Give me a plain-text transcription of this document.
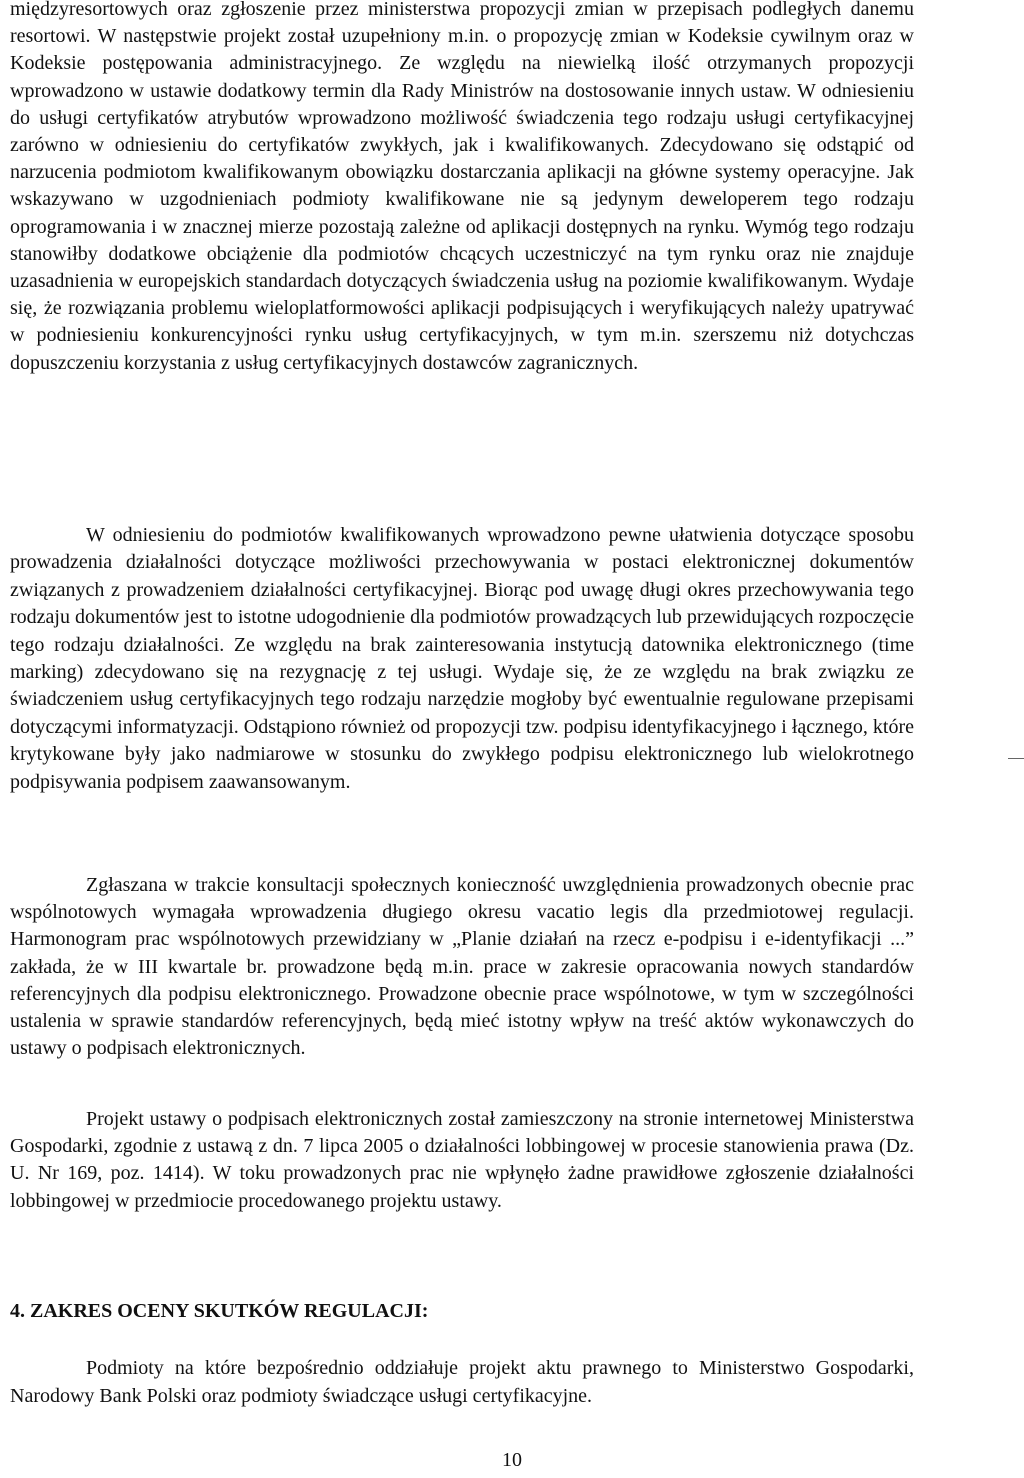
międzyresortowych oraz zgłoszenie przez ministerstwa propozycji zmian w przepisach podległych danemu resortowi. W następstwie projekt został uzupełniony m.in. o propozycję zmian w Kodeksie cywilnym oraz w Kodeksie postępowania administracyjnego. Ze względu na niewielką ilość otrzymanych propozycji wprowadzono w ustawie dodatkowy termin dla Rady Ministrów na dostosowanie innych ustaw. W odniesieniu do usługi certyfikatów atrybutów wprowadzono możliwość świadczenia tego rodzaju usługi certyfikacyjnej zarówno w odniesieniu do certyfikatów zwykłych, jak i kwalifikowanych. Zdecydowano się odstąpić od narzucenia podmiotom kwalifikowanym obowiązku dostarczania aplikacji na główne systemy operacyjne. Jak wskazywano w uzgodnieniach podmioty kwalifikowane nie są jedynym deweloperem tego rodzaju oprogramowania i w znacznej mierze pozostają zależne od aplikacji dostępnych na rynku. Wymóg tego rodzaju stanowiłby dodatkowe obciążenie dla podmiotów chcących uczestniczyć na tym rynku oraz nie znajduje uzasadnienia w europejskich standardach dotyczących świadczenia usług na poziomie kwalifikowanym. Wydaje się, że rozwiązania problemu wieloplatformowości aplikacji podpisujących i weryfikujących należy upatrywać w podniesieniu konkurencyjności rynku usług certyfikacyjnych, w tym m.in. szerszemu niż dotychczas dopuszczeniu korzystania z usług certyfikacyjnych dostawców zagranicznych.

W odniesieniu do podmiotów kwalifikowanych wprowadzono pewne ułatwienia dotyczące sposobu prowadzenia działalności dotyczące możliwości przechowywania w postaci elektronicznej dokumentów związanych z prowadzeniem działalności certyfikacyjnej. Biorąc pod uwagę długi okres przechowywania tego rodzaju dokumentów jest to istotne udogodnienie dla podmiotów prowadzących lub przewidujących rozpoczęcie tego rodzaju działalności. Ze względu na brak zainteresowania instytucją datownika elektronicznego (time marking) zdecydowano się na rezygnację z tej usługi. Wydaje się, że ze względu na brak związku ze świadczeniem usług certyfikacyjnych tego rodzaju narzędzie mogłoby być ewentualnie regulowane przepisami dotyczącymi informatyzacji. Odstąpiono również od propozycji tzw. podpisu identyfikacyjnego i łącznego, które krytykowane były jako nadmiarowe w stosunku do zwykłego podpisu elektronicznego lub wielokrotnego podpisywania podpisem zaawansowanym.

Zgłaszana w trakcie konsultacji społecznych konieczność uwzględnienia prowadzonych obecnie prac wspólnotowych wymagała wprowadzenia długiego okresu vacatio legis dla przedmiotowej regulacji. Harmonogram prac wspólnotowych przewidziany w „Planie działań na rzecz e-podpisu i e-identyfikacji ...” zakłada, że w III kwartale br. prowadzone będą m.in. prace w zakresie opracowania nowych standardów referencyjnych dla podpisu elektronicznego. Prowadzone obecnie prace wspólnotowe, w tym w szczególności ustalenia w sprawie standardów referencyjnych, będą mieć istotny wpływ na treść aktów wykonawczych do ustawy o podpisach elektronicznych.

Projekt ustawy o podpisach elektronicznych został zamieszczony na stronie internetowej Ministerstwa Gospodarki, zgodnie z ustawą z dn. 7 lipca 2005 o działalności lobbingowej w procesie stanowienia prawa (Dz. U. Nr 169, poz. 1414). W toku prowadzonych prac nie wpłynęło żadne prawidłowe zgłoszenie działalności lobbingowej w przedmiocie procedowanego projektu ustawy.

4. ZAKRES OCENY SKUTKÓW REGULACJI:

Podmioty na które bezpośrednio oddziałuje projekt aktu prawnego to Ministerstwo Gospodarki, Narodowy Bank Polski oraz podmioty świadczące usługi certyfikacyjne.

10
